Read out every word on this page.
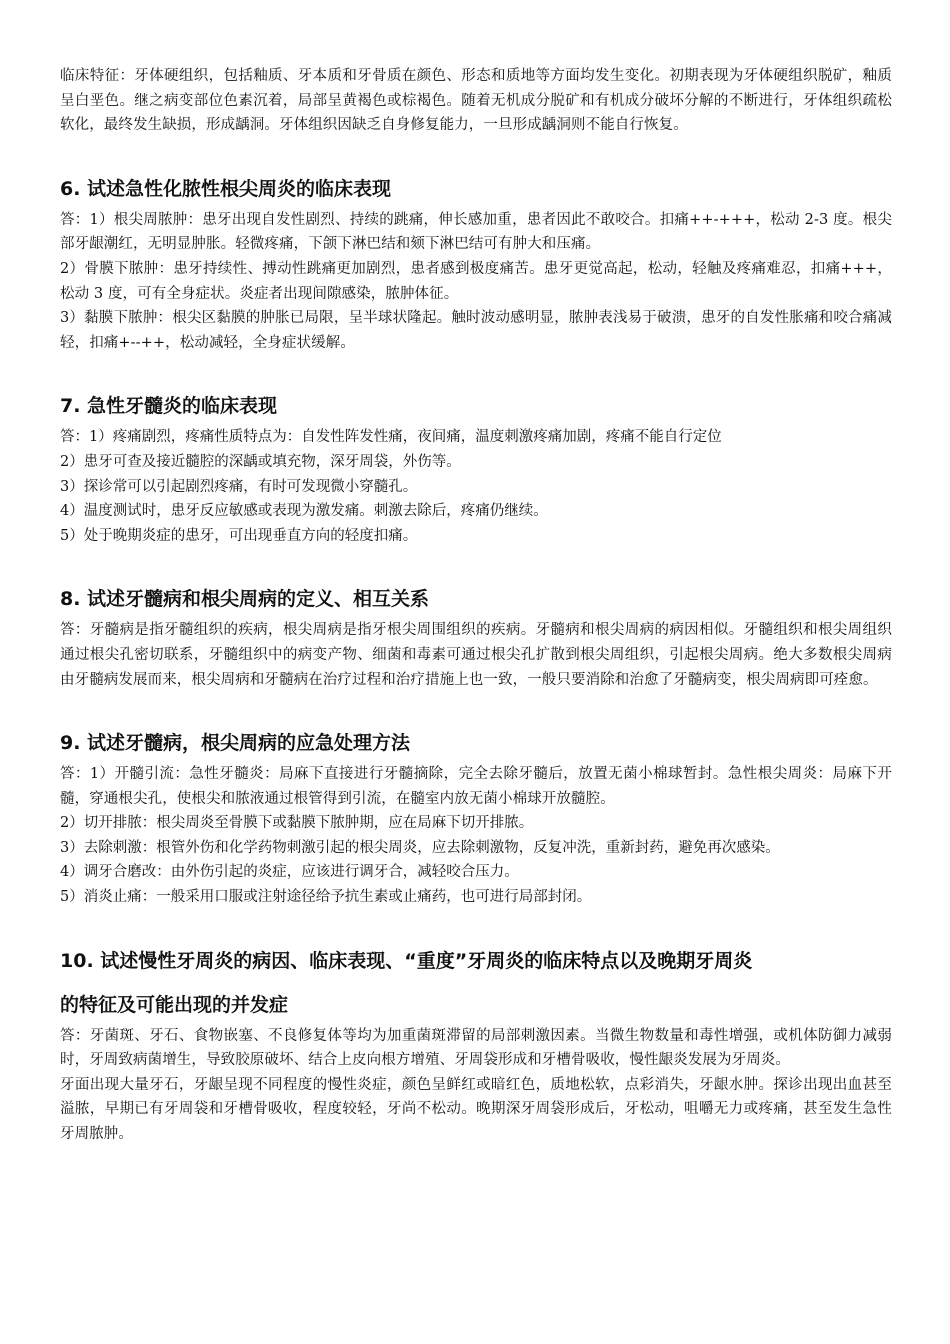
临床特征：牙体硬组织，包括釉质、牙本质和牙骨质在颜色、形态和质地等方面均发生变化。初期表现为牙体硬组织脱矿，釉质呈白垩色。继之病变部位色素沉着，局部呈黄褐色或棕褐色。随着无机成分脱矿和有机成分破坏分解的不断进行，牙体组织疏松软化，最终发生缺损，形成龋洞。牙体组织因缺乏自身修复能力，一旦形成龋洞则不能自行恢复。

6. 试述急性化脓性根尖周炎的临床表现

答：1）根尖周脓肿：患牙出现自发性剧烈、持续的跳痛，伸长感加重，患者因此不敢咬合。扣痛++-+++，松动 2-3 度。根尖部牙龈潮红，无明显肿胀。轻微疼痛，下颌下淋巴结和颏下淋巴结可有肿大和压痛。

2）骨膜下脓肿：患牙持续性、搏动性跳痛更加剧烈，患者感到极度痛苦。患牙更觉高起，松动，轻触及疼痛难忍，扣痛+++，松动 3 度，可有全身症状。炎症者出现间隙感染，脓肿体征。

3）黏膜下脓肿：根尖区黏膜的肿胀已局限，呈半球状隆起。触时波动感明显，脓肿表浅易于破溃，患牙的自发性胀痛和咬合痛减轻，扣痛+--++，松动减轻，全身症状缓解。

7. 急性牙髓炎的临床表现

答：1）疼痛剧烈，疼痛性质特点为：自发性阵发性痛，夜间痛，温度刺激疼痛加剧，疼痛不能自行定位

2）患牙可查及接近髓腔的深龋或填充物，深牙周袋，外伤等。

3）探诊常可以引起剧烈疼痛，有时可发现微小穿髓孔。

4）温度测试时，患牙反应敏感或表现为激发痛。刺激去除后，疼痛仍继续。

5）处于晚期炎症的患牙，可出现垂直方向的轻度扣痛。

8. 试述牙髓病和根尖周病的定义、相互关系

答：牙髓病是指牙髓组织的疾病，根尖周病是指牙根尖周围组织的疾病。牙髓病和根尖周病的病因相似。牙髓组织和根尖周组织通过根尖孔密切联系，牙髓组织中的病变产物、细菌和毒素可通过根尖孔扩散到根尖周组织，引起根尖周病。绝大多数根尖周病由牙髓病发展而来，根尖周病和牙髓病在治疗过程和治疗措施上也一致，一般只要消除和治愈了牙髓病变，根尖周病即可痊愈。

9. 试述牙髓病，根尖周病的应急处理方法

答：1）开髓引流：急性牙髓炎：局麻下直接进行牙髓摘除，完全去除牙髓后，放置无菌小棉球暂封。急性根尖周炎：局麻下开髓，穿通根尖孔，使根尖和脓液通过根管得到引流，在髓室内放无菌小棉球开放髓腔。

2）切开排脓：根尖周炎至骨膜下或黏膜下脓肿期，应在局麻下切开排脓。

3）去除刺激：根管外伤和化学药物刺激引起的根尖周炎，应去除刺激物，反复冲洗，重新封药，避免再次感染。

4）调牙合磨改：由外伤引起的炎症，应该进行调牙合，减轻咬合压力。

5）消炎止痛：一般采用口服或注射途径给予抗生素或止痛药，也可进行局部封闭。

10. 试述慢性牙周炎的病因、临床表现、“重度”牙周炎的临床特点以及晚期牙周炎
的特征及可能出现的并发症

答：牙菌斑、牙石、食物嵌塞、不良修复体等均为加重菌斑滞留的局部刺激因素。当微生物数量和毒性增强，或机体防御力减弱时，牙周致病菌增生，导致胶原破坏、结合上皮向根方增殖、牙周袋形成和牙槽骨吸收，慢性龈炎发展为牙周炎。

牙面出现大量牙石，牙龈呈现不同程度的慢性炎症，颜色呈鲜红或暗红色，质地松软，点彩消失，牙龈水肿。探诊出现出血甚至溢脓，早期已有牙周袋和牙槽骨吸收，程度较轻，牙尚不松动。晚期深牙周袋形成后，牙松动，咀嚼无力或疼痛，甚至发生急性牙周脓肿。
